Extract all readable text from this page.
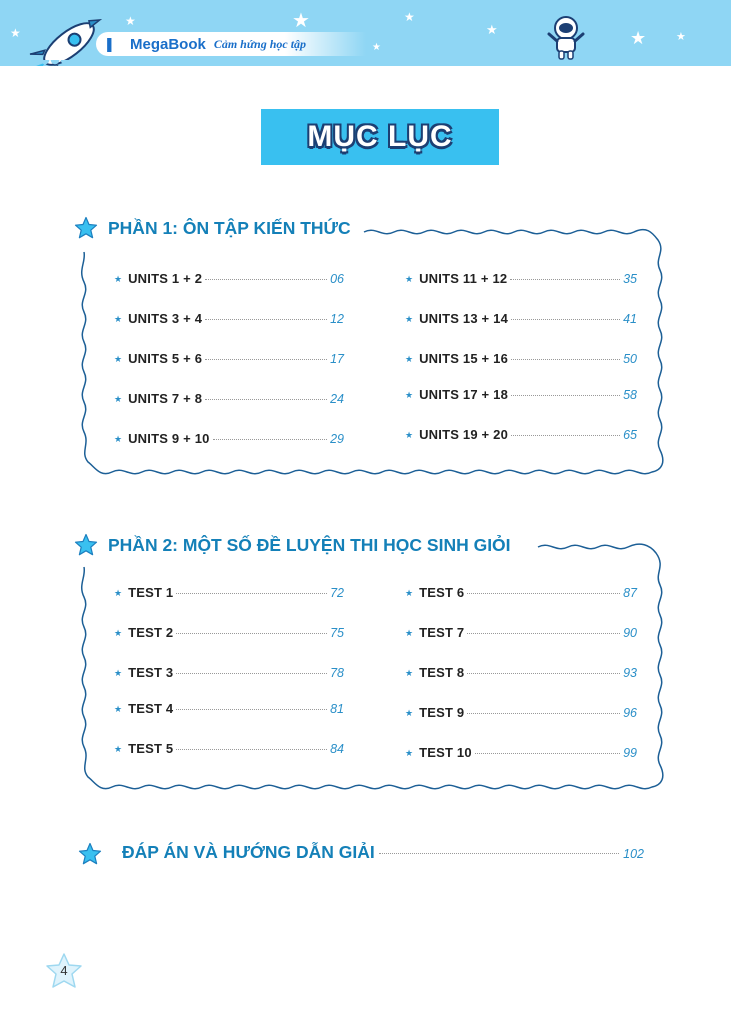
★	★
★
★
★	★	★
★
||| MegaBook Cảm hứng học tập
MỤC LỤC
PHẦN 1: ÔN TẬP KIẾN THỨC
★ UNITS 1 + 2	06
★ UNITS 3 + 4	12
★ UNITS 5 + 6	17
★ UNITS 7 + 8	24
★ UNITS 9 + 10	29
★ UNITS 11 + 12	35
★ UNITS 13 + 14	41
★ UNITS 15 + 16	50
★ UNITS 17 + 18	58
★ UNITS 19 + 20	65
PHẦN 2: MỘT SỐ ĐỀ LUYỆN THI HỌC SINH GIỎI
★ TEST 1	72
★ TEST 2	75
★ TEST 3	78
★ TEST 4	81
★ TEST 5	84
★ TEST 6	87
★ TEST 7	90
★ TEST 8	93
★ TEST 9	96
★ TEST 10	99
ĐÁP ÁN VÀ HƯỚNG DẪN GIẢI	102
4
